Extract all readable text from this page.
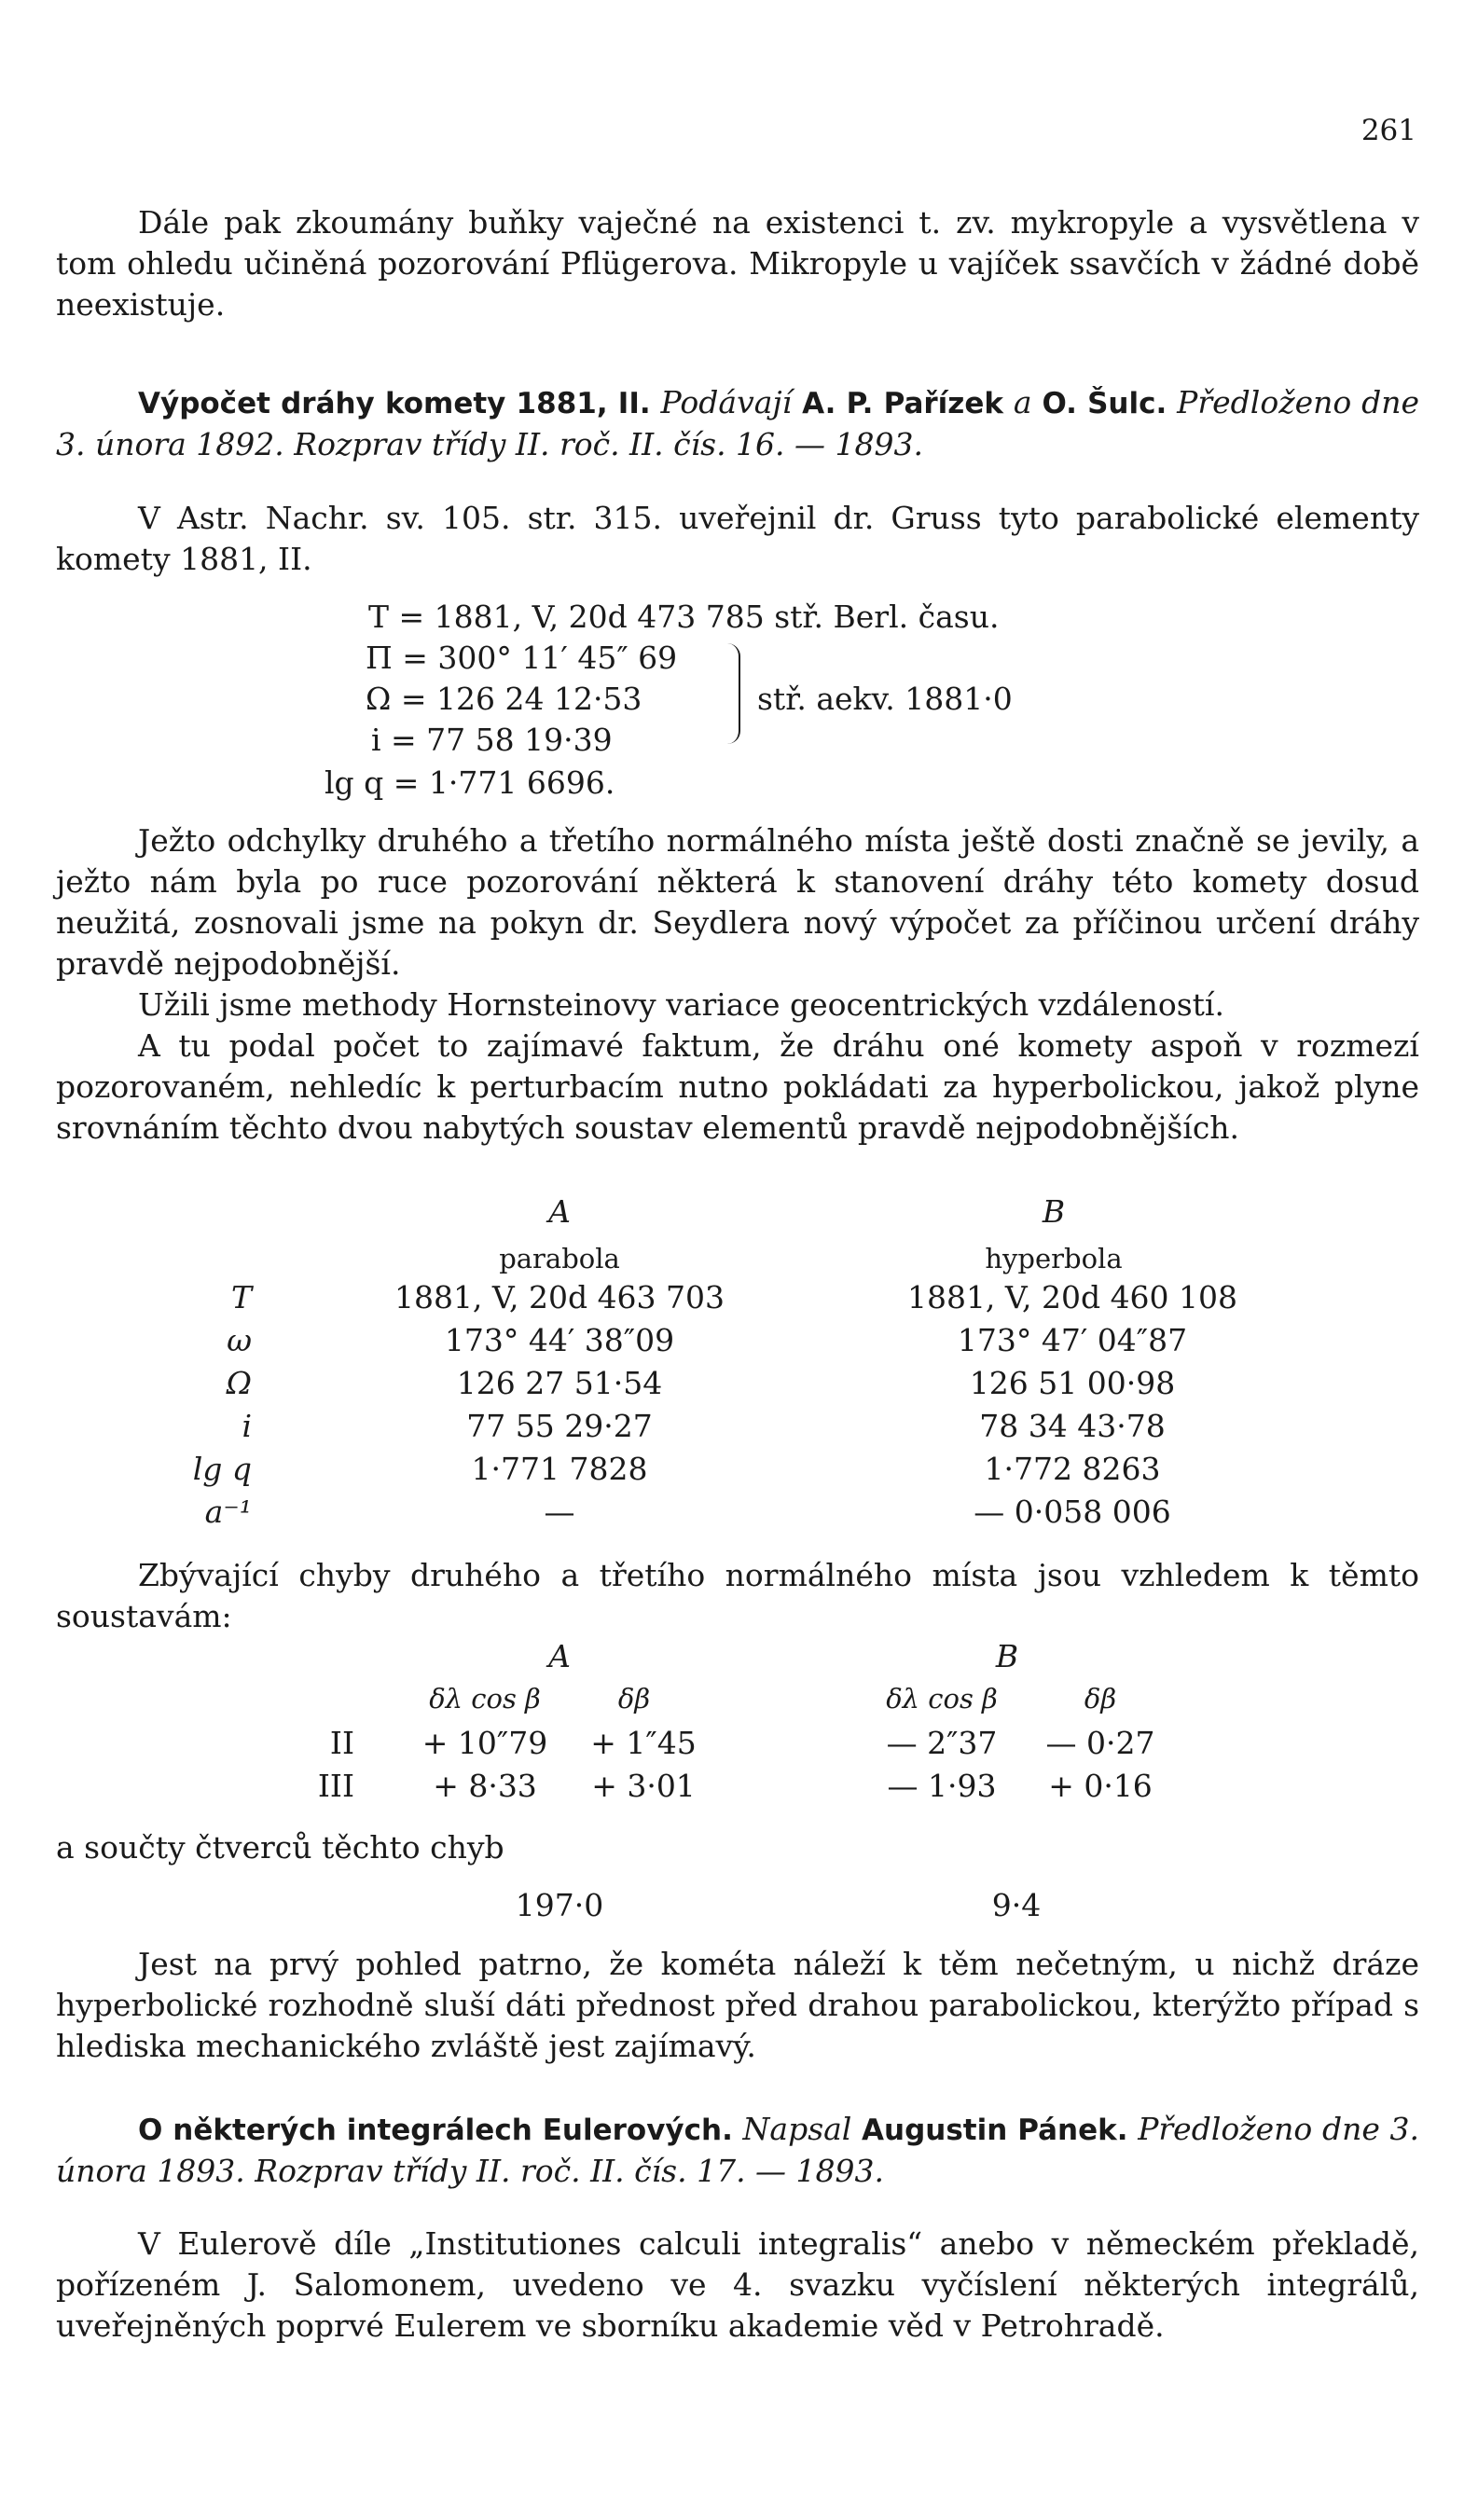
261

Dále pak zkoumány buňky vaječné na existenci t. zv. mykropyle a vysvětlena v tom ohledu učiněná pozorování Pflügerova. Mikropyle u vajíček ssavčích v žádné době neexistuje.

Výpočet dráhy komety 1881, II. Podávají A. P. Pařízek a O. Šulc. Předloženo dne 3. února 1892. Rozprav třídy II. roč. II. čís. 16. — 1893.

V Astr. Nachr. sv. 105. str. 315. uveřejnil dr. Gruss tyto parabolické elementy komety 1881, II.

T = 1881, V, 20d 473 785 stř. Berl. času.
Π = 300° 11′ 45″ 69
Ω = 126 24 12·53
i = 77 58 19·39
lg q = 1·771 6696.
stř. aekv. 1881·0

Ježto odchylky druhého a třetího normálného místa ještě dosti značně se jevily, a ježto nám byla po ruce pozorování některá k stanovení dráhy této komety dosud neužitá, zosnovali jsme na pokyn dr. Seydlera nový výpočet za příčinou určení dráhy pravdě nejpodobnější.

Užili jsme methody Hornsteinovy variace geocentrických vzdáleností.

A tu podal počet to zajímavé faktum, že dráhu oné komety aspoň v rozmezí pozorovaném, nehledíc k perturbacím nutno pokládati za hyperbolickou, jakož plyne srovnáním těchto dvou nabytých soustav elementů pravdě nejpodobnějších.

A	B
parabola	hyperbola
T	1881, V, 20d 463 703	1881, V, 20d 460 108
ω	173° 44′ 38″09	173° 47′ 04″87
Ω	126 27 51·54	126 51 00·98
i	77 55 29·27	78 34 43·78
lg q	1·771 7828	1·772 8263
a⁻¹	—	— 0·058 006

Zbývající chyby druhého a třetího normálného místa jsou vzhledem k těmto soustavám:

A	B
δλ cos β	δβ	δλ cos β	δβ
II	+ 10″79	+ 1″45	— 2″37	— 0·27
III	+ 8·33	+ 3·01	— 1·93	+ 0·16

a součty čtverců těchto chyb

197·0	9·4

Jest na prvý pohled patrno, že kométa náleží k těm nečetným, u nichž dráze hyperbolické rozhodně sluší dáti přednost před drahou parabolickou, kterýžto případ s hlediska mechanického zvláště jest zajímavý.

O některých integrálech Eulerových. Napsal Augustin Pánek. Předloženo dne 3. února 1893. Rozprav třídy II. roč. II. čís. 17. — 1893.

V Eulerově díle „Institutiones calculi integralis“ anebo v německém překladě, pořízeném J. Salomonem, uvedeno ve 4. svazku vyčíslení některých integrálů, uveřejněných poprvé Eulerem ve sborníku akademie věd v Petrohradě.
